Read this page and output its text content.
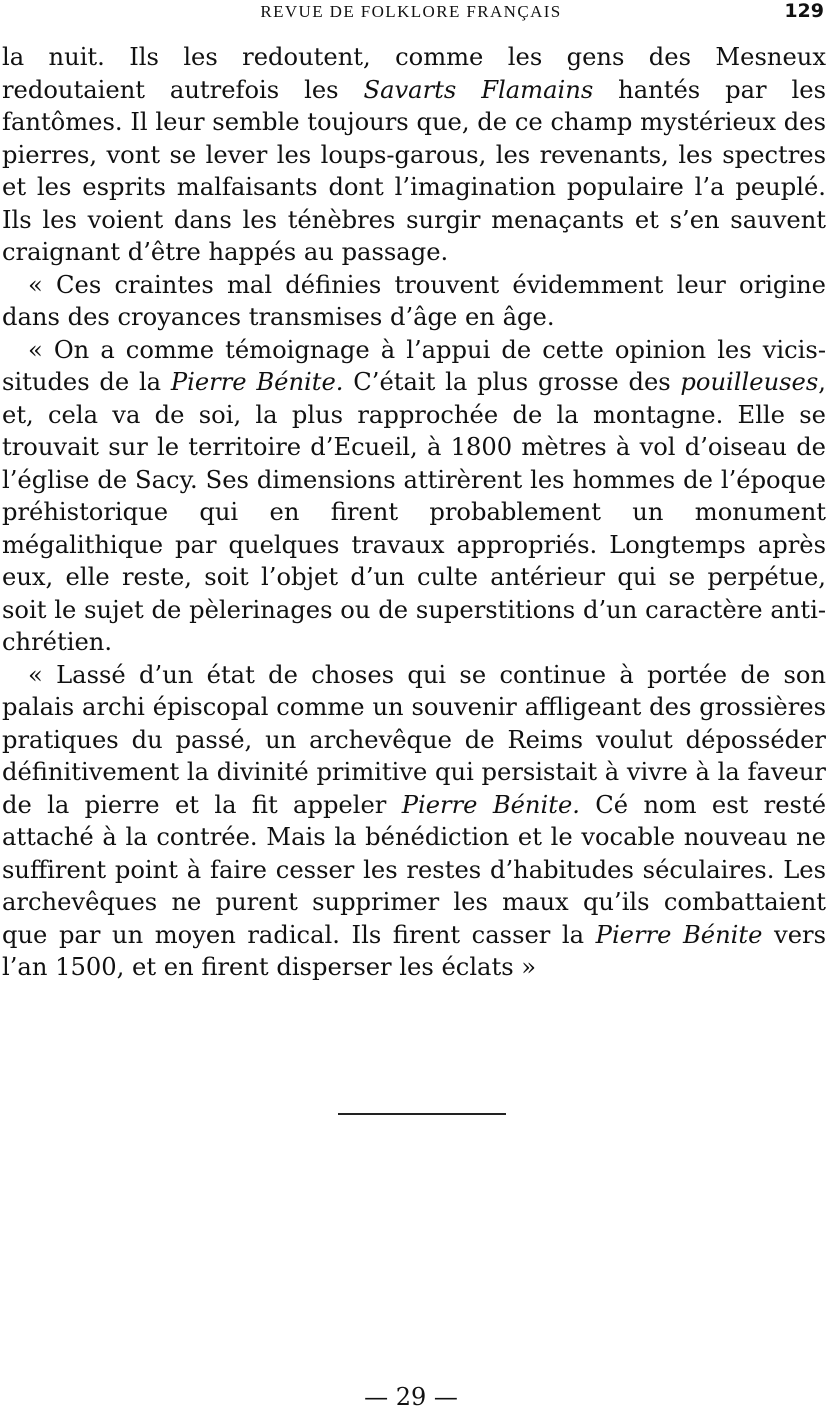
REVUE DE FOLKLORE FRANÇAIS	129

la nuit. Ils les redoutent, comme les gens des Mesneux redoutaient autrefois les Savarts Flamains hantés par les fantômes. Il leur semble toujours que, de ce champ mystérieux des pierres, vont se lever les loups-garous, les revenants, les spectres et les esprits malfaisants dont l’imagination populaire l’a peuplé. Ils les voient dans les ténèbres surgir menaçants et s’en sauvent craignant d’être happés au passage.

« Ces craintes mal définies trouvent évidemment leur origine dans des croyances transmises d’âge en âge.

« On a comme témoignage à l’appui de cette opinion les vicissitudes de la Pierre Bénite. C’était la plus grosse des pouilleuses, et, cela va de soi, la plus rapprochée de la montagne. Elle se trouvait sur le territoire d’Ecueil, à 1800 mètres à vol d’oiseau de l’église de Sacy. Ses dimensions attirèrent les hommes de l’époque préhistorique qui en firent probablement un monument mégalithique par quelques travaux appropriés. Longtemps après eux, elle reste, soit l’objet d’un culte antérieur qui se perpétue, soit le sujet de pèlerinages ou de superstitions d’un caractère anti-chrétien.

« Lassé d’un état de choses qui se continue à portée de son palais archi épiscopal comme un souvenir affligeant des grossières pratiques du passé, un archevêque de Reims voulut déposséder définitivement la divinité primitive qui persistait à vivre à la faveur de la pierre et la fit appeler Pierre Bénite. Cé nom est resté attaché à la contrée. Mais la bénédiction et le vocable nouveau ne suffirent point à faire cesser les restes d’habitudes séculaires. Les archevêques ne purent supprimer les maux qu’ils combattaient que par un moyen radical. Ils firent casser la Pierre Bénite vers l’an 1500, et en firent disperser les éclats »

— 29 —
